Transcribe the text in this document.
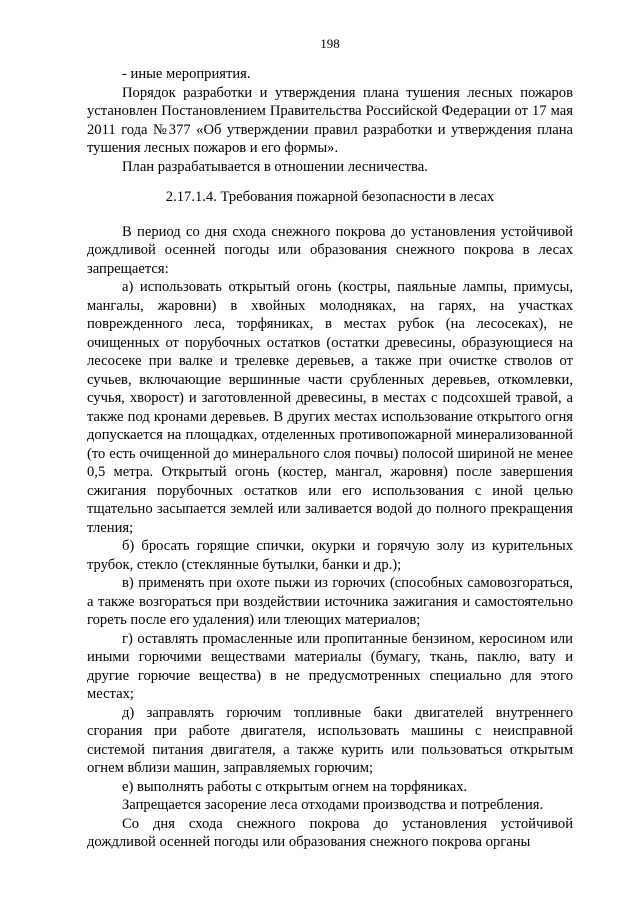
198

- иные мероприятия.

Порядок разработки и утверждения плана тушения лесных пожаров установлен Постановлением Правительства Российской Федерации от 17 мая 2011 года №377 «Об утверждении правил разработки и утверждения плана тушения лесных пожаров и его формы».

План разрабатывается в отношении лесничества.

2.17.1.4. Требования пожарной безопасности в лесах

В период со дня схода снежного покрова до установления устойчивой дождливой осенней погоды или образования снежного покрова в лесах запрещается:

а) использовать открытый огонь (костры, паяльные лампы, примусы, мангалы, жаровни) в хвойных молодняках, на гарях, на участках поврежденного леса, торфяниках, в местах рубок (на лесосеках), не очищенных от порубочных остатков (остатки древесины, образующиеся на лесосеке при валке и трелевке деревьев, а также при очистке стволов от сучьев, включающие вершинные части срубленных деревьев, откомлевки, сучья, хворост) и заготовленной древесины, в местах с подсохшей травой, а также под кронами деревьев. В других местах использование открытого огня допускается на площадках, отделенных противопожарной минерализованной (то есть очищенной до минерального слоя почвы) полосой шириной не менее 0,5 метра. Открытый огонь (костер, мангал, жаровня) после завершения сжигания порубочных остатков или его использования с иной целью тщательно засыпается землей или заливается водой до полного прекращения тления;

б) бросать горящие спички, окурки и горячую золу из курительных трубок, стекло (стеклянные бутылки, банки и др.);

в) применять при охоте пыжи из горючих (способных самовозгораться, а также возгораться при воздействии источника зажигания и самостоятельно гореть после его удаления) или тлеющих материалов;

г) оставлять промасленные или пропитанные бензином, керосином или иными горючими веществами материалы (бумагу, ткань, паклю, вату и другие горючие вещества) в не предусмотренных специально для этого местах;

д) заправлять горючим топливные баки двигателей внутреннего сгорания при работе двигателя, использовать машины с неисправной системой питания двигателя, а также курить или пользоваться открытым огнем вблизи машин, заправляемых горючим;

е) выполнять работы с открытым огнем на торфяниках.

Запрещается засорение леса отходами производства и потребления.

Со дня схода снежного покрова до установления устойчивой дождливой осенней погоды или образования снежного покрова органы
